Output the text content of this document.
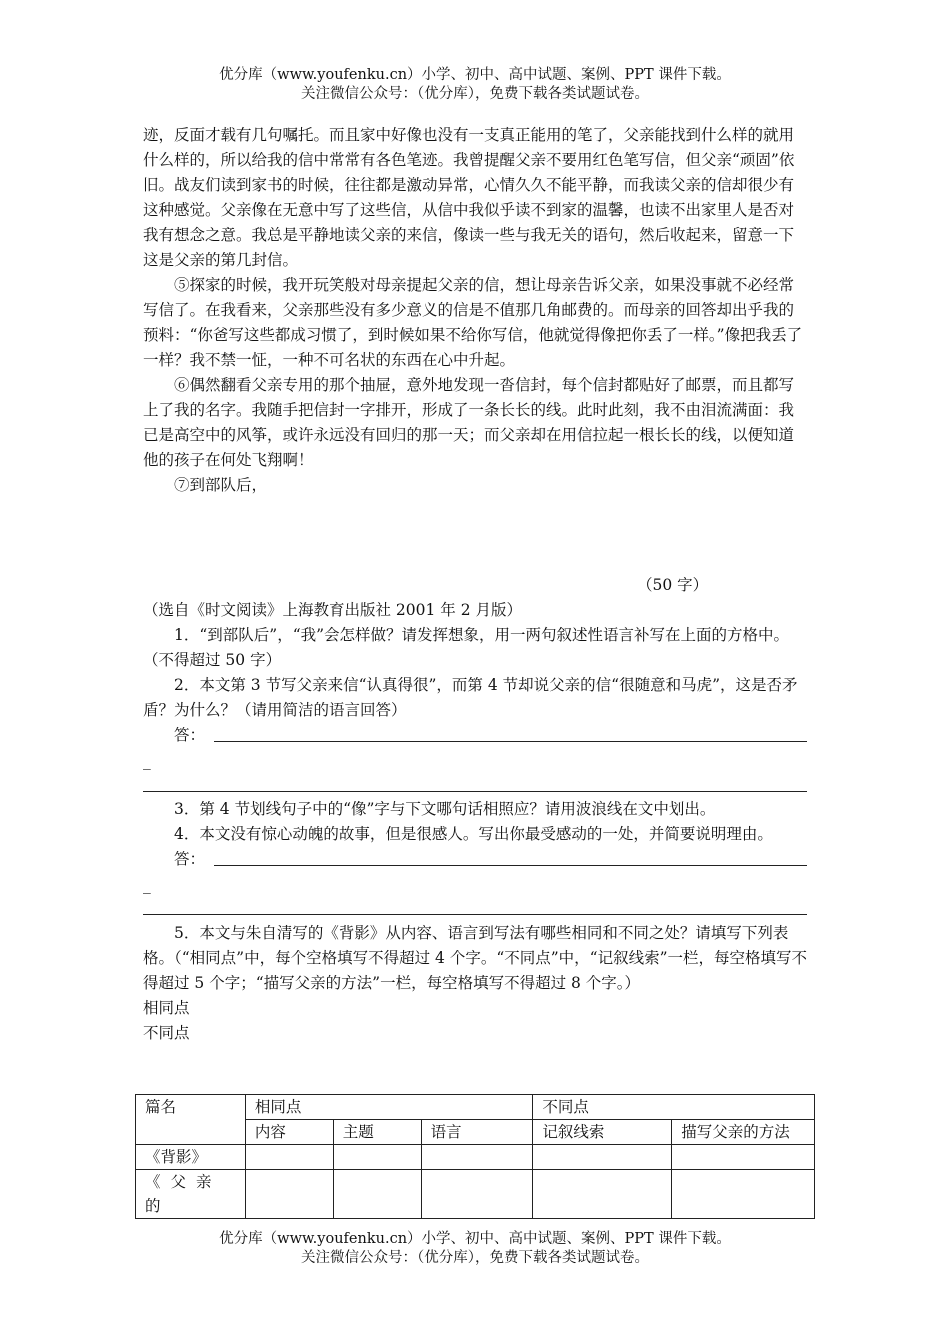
优分库（www.youfenku.cn）小学、初中、高中试题、案例、PPT 课件下载。
关注微信公众号：（优分库），免费下载各类试题试卷。

迹，反面才载有几句嘱托。而且家中好像也没有一支真正能用的笔了，父亲能找到什么样的就用什么样的，所以给我的信中常常有各色笔迹。我曾提醒父亲不要用红色笔写信，但父亲“顽固”依旧。战友们读到家书的时候，往往都是激动异常，心情久久不能平静，而我读父亲的信却很少有这种感觉。父亲像在无意中写了这些信，从信中我似乎读不到家的温馨，也读不出家里人是否对我有想念之意。我总是平静地读父亲的来信，像读一些与我无关的语句，然后收起来，留意一下这是父亲的第几封信。

⑤探家的时候，我开玩笑般对母亲提起父亲的信，想让母亲告诉父亲，如果没事就不必经常写信了。在我看来，父亲那些没有多少意义的信是不值那几角邮费的。而母亲的回答却出乎我的预料：“你爸写这些都成习惯了，到时候如果不给你写信，他就觉得像把你丢了一样。”像把我丢了一样？我不禁一怔，一种不可名状的东西在心中升起。

⑥偶然翻看父亲专用的那个抽屉，意外地发现一沓信封，每个信封都贴好了邮票，而且都写上了我的名字。我随手把信封一字排开，形成了一条长长的线。此时此刻，我不由泪流满面：我已是高空中的风筝，或许永远没有回归的那一天；而父亲却在用信拉起一根长长的线，以便知道他的孩子在何处飞翔啊！

⑦到部队后，

（50 字）

（选自《时文阅读》上海教育出版社 2001 年 2 月版）

1．“到部队后”，“我”会怎样做？请发挥想象，用一两句叙述性语言补写在上面的方格中。（不得超过 50 字）

2．本文第 3 节写父亲来信“认真得很”，而第 4 节却说父亲的信“很随意和马虎”，这是否矛盾？为什么？（请用简洁的语言回答）

答：
_

3．第 4 节划线句子中的“像”字与下文哪句话相照应？请用波浪线在文中划出。

4．本文没有惊心动魄的故事，但是很感人。写出你最受感动的一处，并简要说明理由。

答：
_

5．本文与朱自清写的《背影》从内容、语言到写法有哪些相同和不同之处？请填写下列表格。（“相同点”中，每个空格填写不得超过 4 个字。“不同点”中，“记叙线索”一栏，每空格填写不得超过 5 个字；“描写父亲的方法”一栏，每空格填写不得超过 8 个字。）

相同点

不同点

篇名	相同点			不同点	
	内容	主题	语言	记叙线索	描写父亲的方法
《背影》					
《父亲的					
优分库（www.youfenku.cn）小学、初中、高中试题、案例、PPT 课件下载。
关注微信公众号：（优分库），免费下载各类试题试卷。
